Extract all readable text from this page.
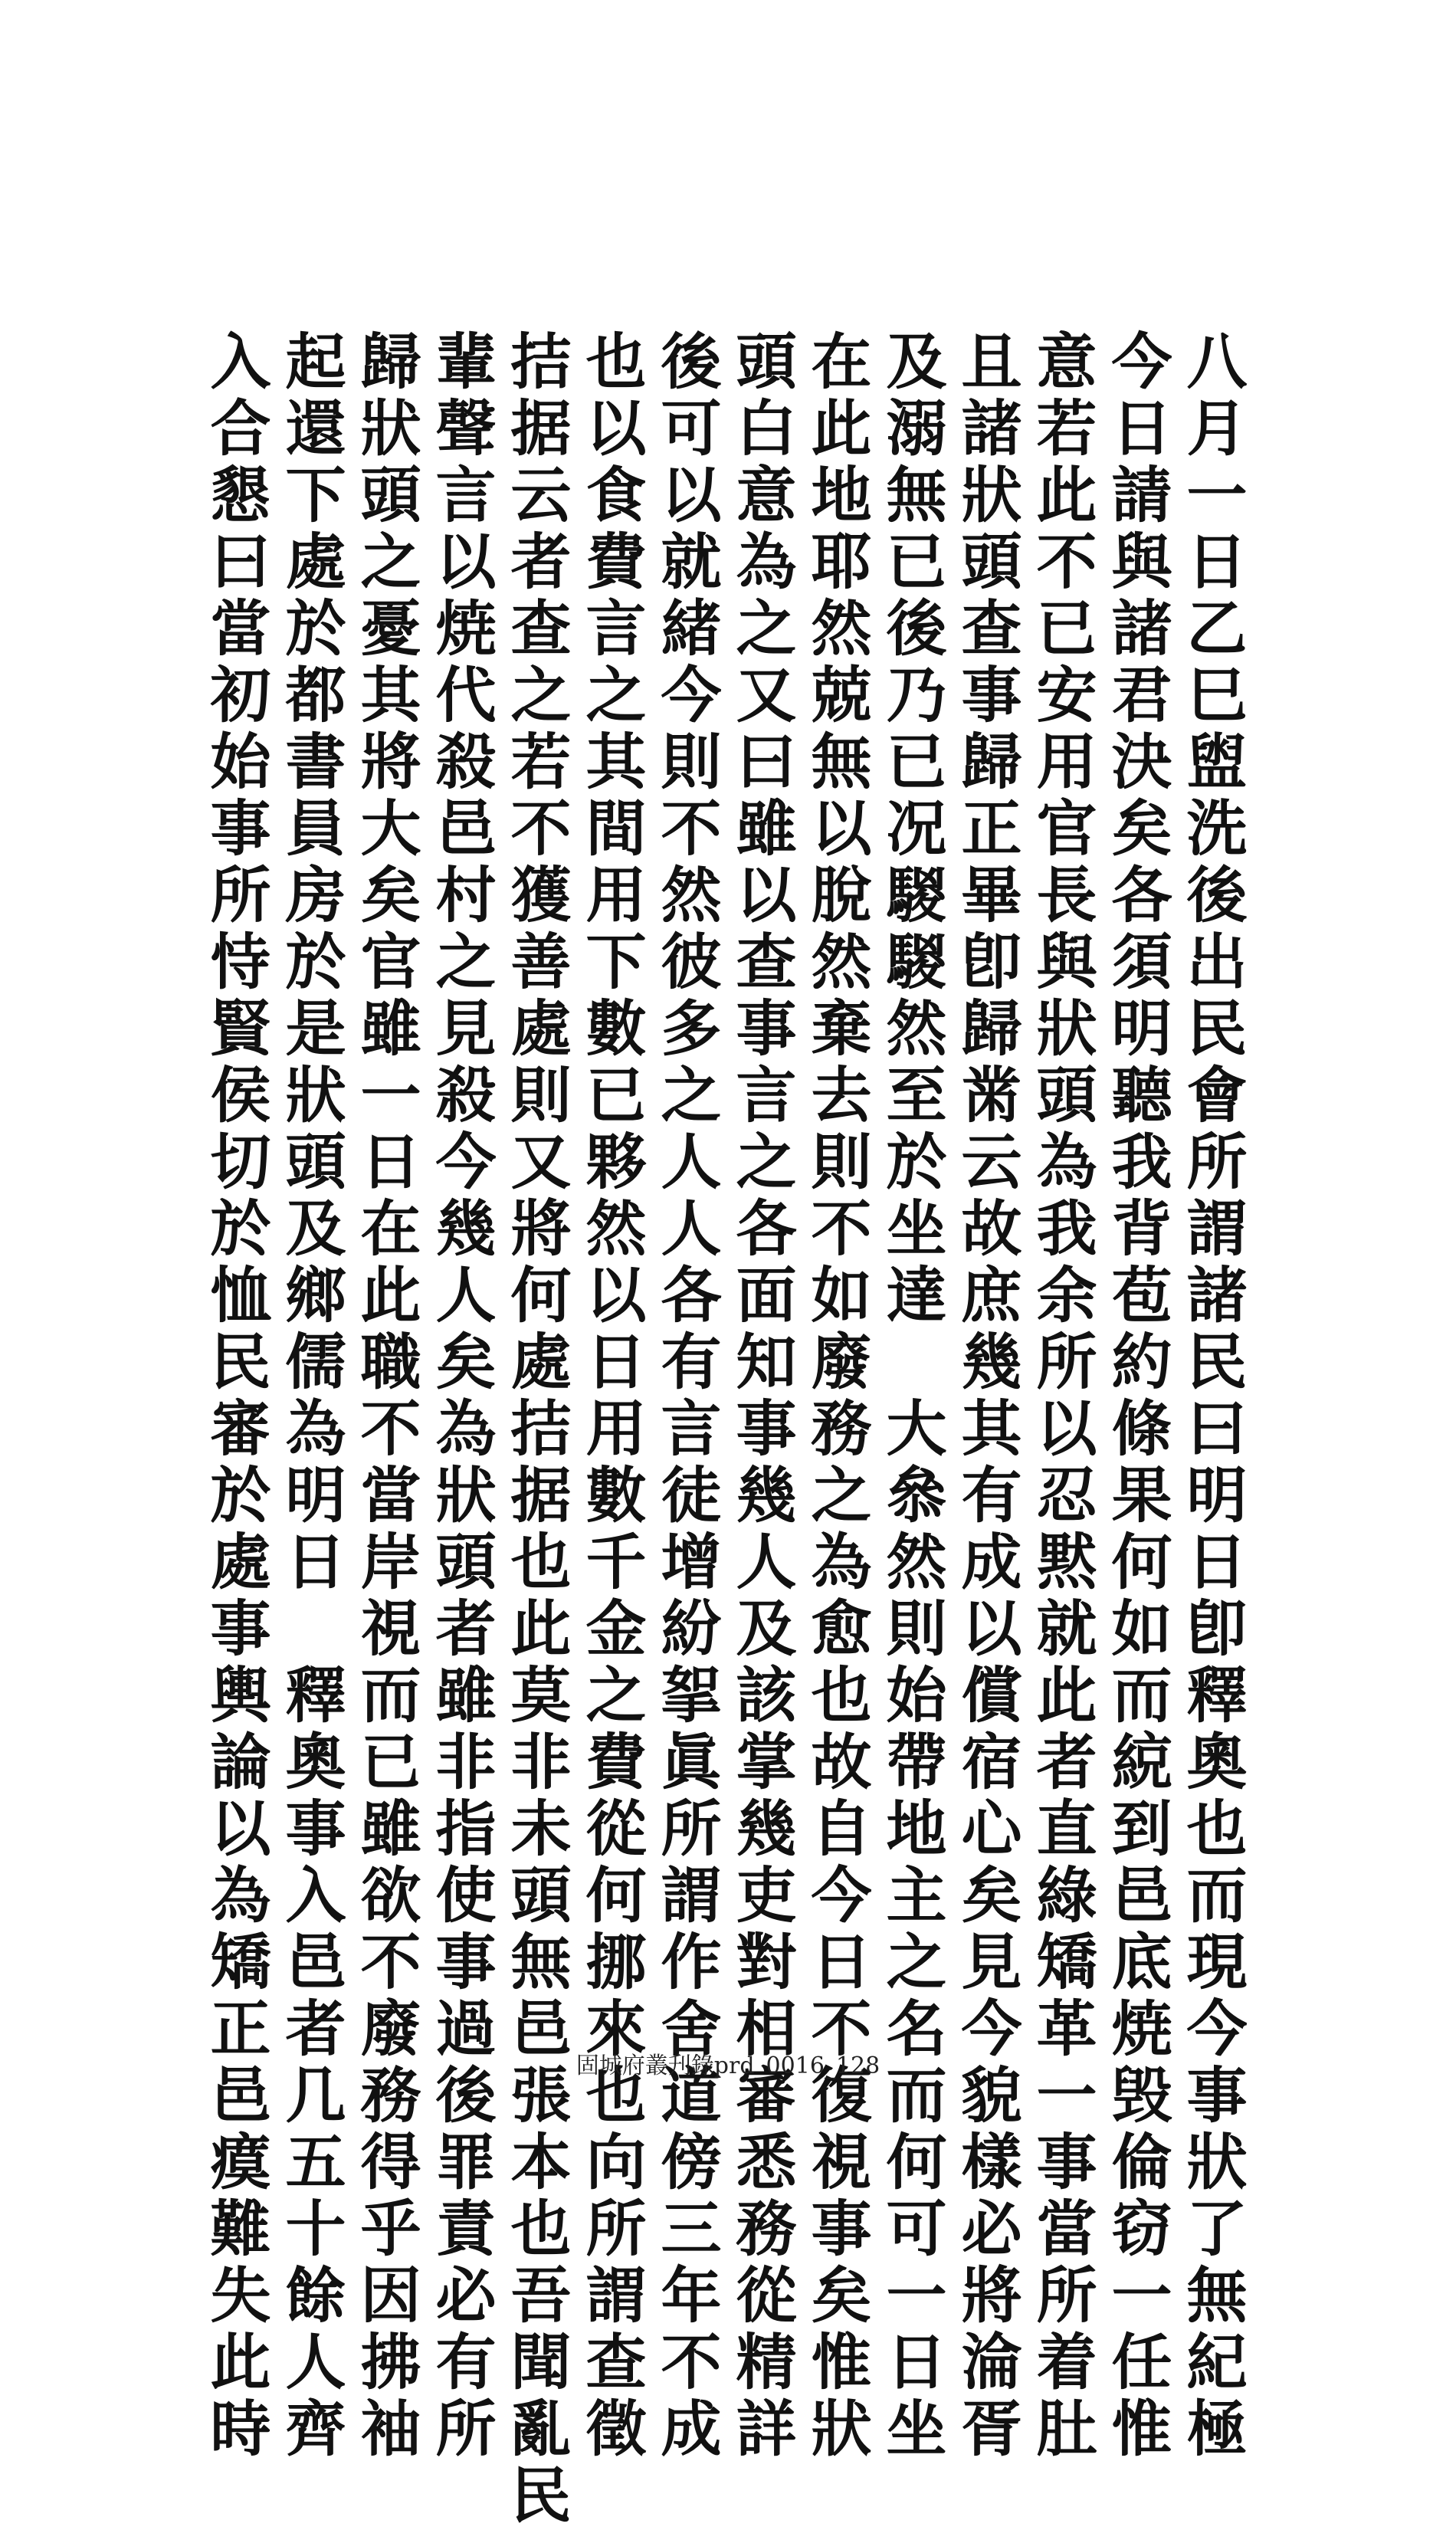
八月一日乙巳盥洗後出民會所謂諸民曰明日卽釋奧也而現今事狀了無紀極
今日請與諸君決矣各須明聽我背苞約條果何如而綂到邑底焼毁倫窃一任惟
意若此不已安用官長與狀頭為我余所以忍黙就此者直綠矯革一事當所着肚
且諸狀頭查事歸正畢卽歸黹云故庶幾其有成以償宿心矣見今貌樣必將淪胥
及溺無已後乃已况騣騣然至於坐達　大叅然則始帶地主之名而何可一日坐
在此地耶然兢無以脫然棄去則不如廢務之為愈也故自今日不復視事矣惟狀
頭白意為之又曰雖以查事言之各面知事幾人及該掌幾吏對相審悉務從精詳
後可以就緒今則不然彼多之人人各有言徒增紛挐眞所謂作舍道傍三年不成
也以食費言之其間用下數已夥然以日用數千金之費從何挪來也向所謂查徵
拮据云者查之若不獲善處則又將何處拮据也此莫非未頭無邑張本也吾聞亂民
輩聲言以焼代殺邑村之見殺今幾人矣為狀頭者雖非指使事過後罪責必有所
歸狀頭之憂其將大矣官雖一日在此職不當岸視而已雖欲不廢務得乎因拂袖
起還下處於都書員房於是狀頭及鄉儒為明日　釋奧事入邑者几五十餘人齊
入合懇曰當初始事所恃賢侯切於恤民審於處事輿論以為矯正邑瘼難失此時	固城府叢刋錄prd_0016_128
